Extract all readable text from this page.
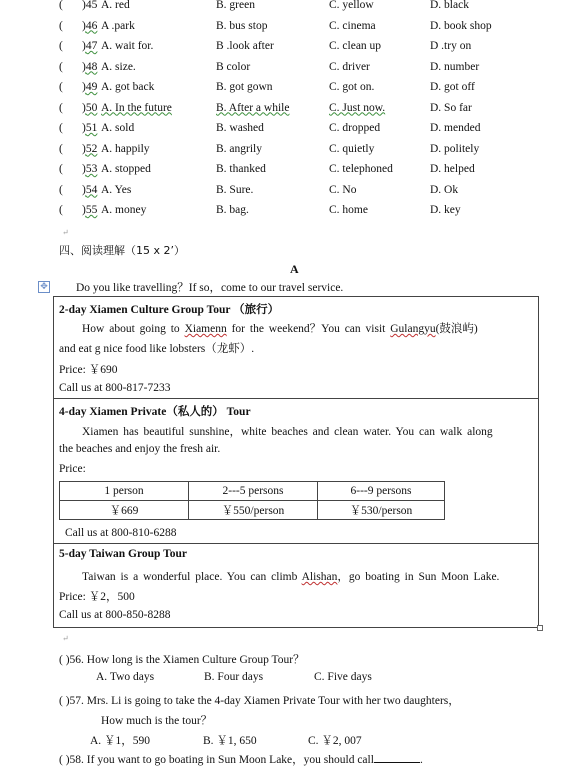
( )45 A. red	B. green	C. yellow	D. black
( )46 A .park	B. bus stop	C. cinema	D. book shop
( )47 A. wait for.	B .look after	C. clean up	D .try on
( )48 A. size.	B color	C. driver	D. number
( )49 A. got back	B. got gown	C. got on.	D. got off
( )50 A. In the future	B. After a while	C. Just now.	D. So far
( )51 A. sold	B. washed	C. dropped	D. mended
( )52 A. happily	B. angrily	C. quietly	D. politely
( )53 A. stopped	B. thanked	C. telephoned	D. helped
( )54 A. Yes	B. Sure.	C. No	D. Ok
( )55 A. money	B. bag.	C. home	D. key
↵
四、阅读理解（15 x 2’）
A
✥ Do you like travelling？If so，come to our travel service.
2-day Xiamen Culture Group Tour （旅行）
How about going to Xiamenn for the weekend？You can visit Gulangyu(鼓浪屿)
and eat g nice food like lobsters（龙虾）.
Price: ￥690
Call us at 800-817-7233
4-day Xiamen Private（私人的） Tour
Xiamen has beautiful sunshine，white beaches and clean water. You can walk along
the beaches and enjoy the fresh air.
Price:
1 person	2---5 persons	6---9 persons
￥669	￥550/person	￥530/person
Call us at 800-810-6288
5-day Taiwan Group Tour
Taiwan is a wonderful place. You can climb Alishan，go boating in Sun Moon Lake.
Price: ￥2，500
Call us at 800-850-8288
↵
( )56. How long is the Xiamen Culture Group Tour？
A. Two days	B. Four days	C. Five days
( )57. Mrs. Li is going to take the 4-day Xiamen Private Tour with her two daughters，
How much is the tour？
A. ￥1，590	B. ￥1, 650	C. ￥2, 007
( )58. If you want to go boating in Sun Moon Lake，you should call	.
